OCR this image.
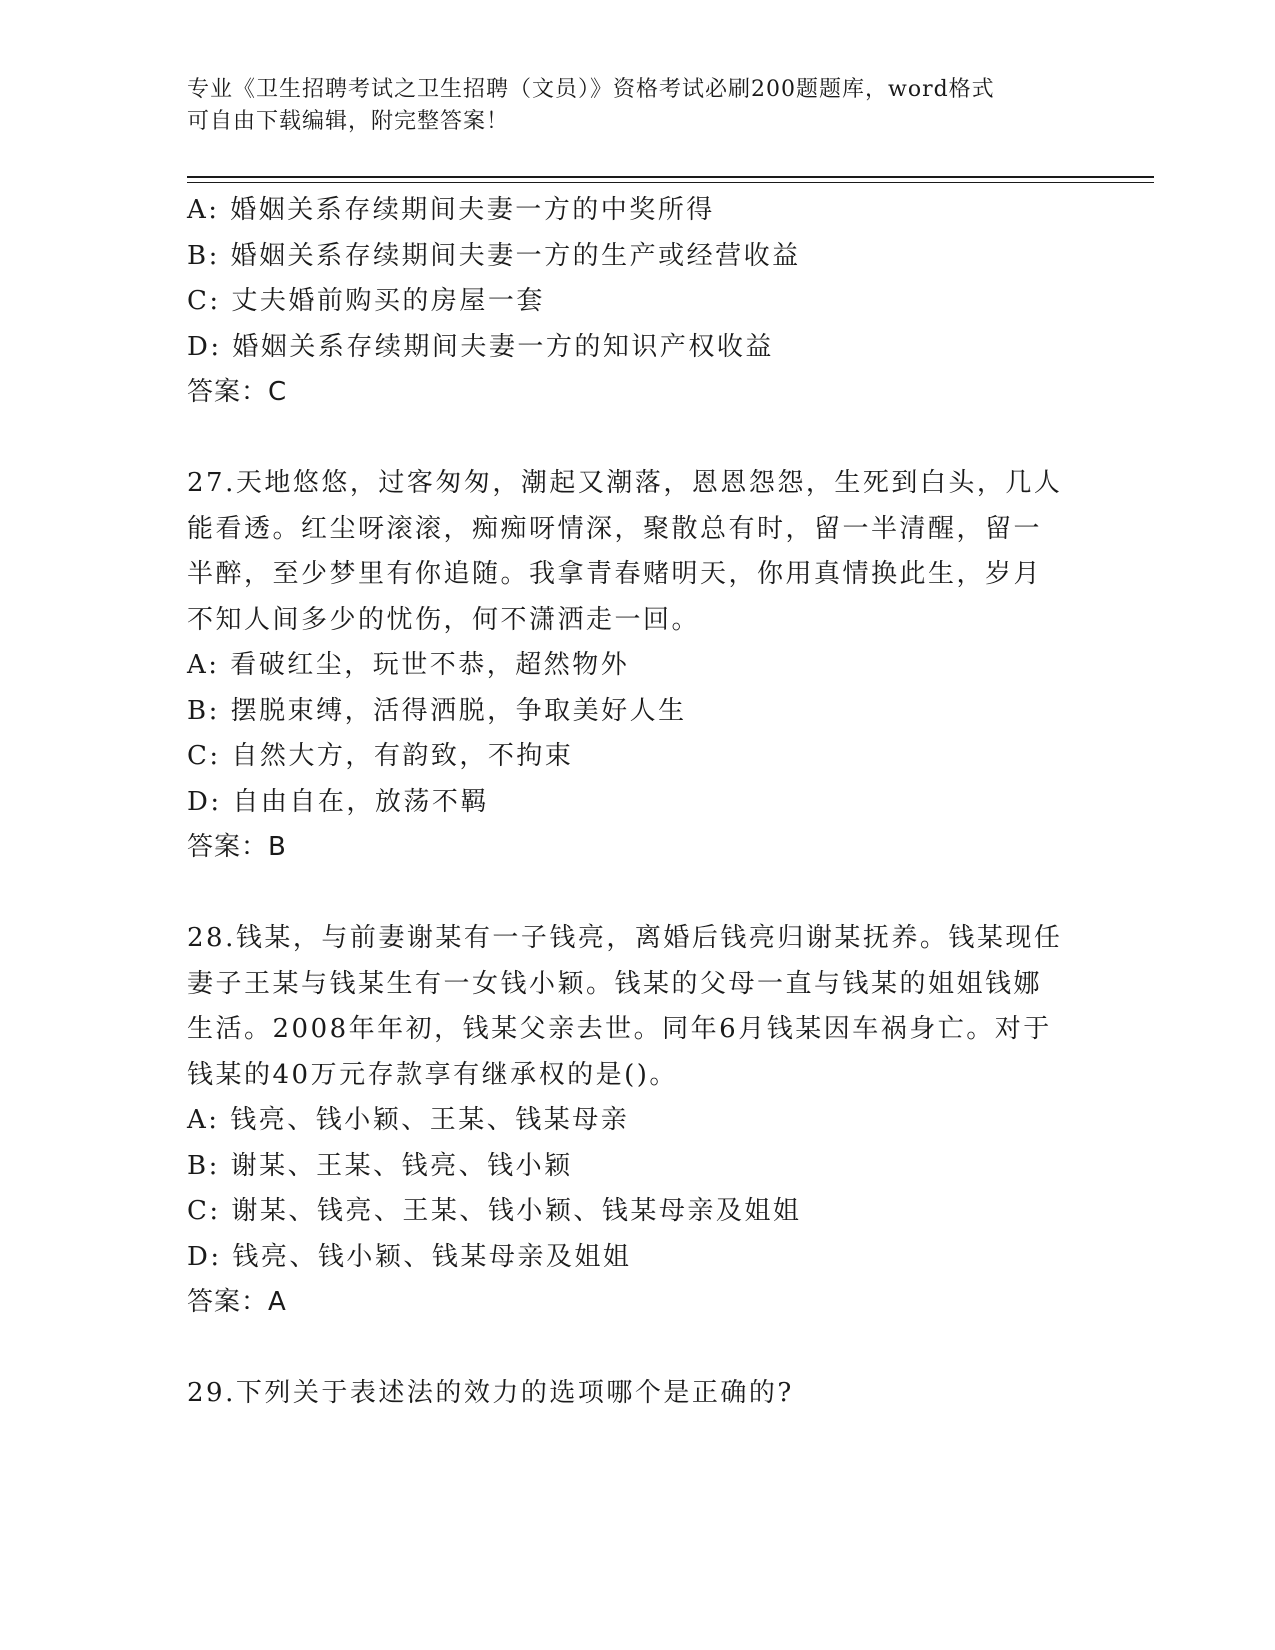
专业《卫生招聘考试之卫生招聘（文员）》资格考试必刷200题题库，word格式
可自由下载编辑，附完整答案！
A: 婚姻关系存续期间夫妻一方的中奖所得
B: 婚姻关系存续期间夫妻一方的生产或经营收益
C: 丈夫婚前购买的房屋一套
D: 婚姻关系存续期间夫妻一方的知识产权收益
答案：C
27.天地悠悠，过客匆匆，潮起又潮落，恩恩怨怨，生死到白头，几人
能看透。红尘呀滚滚，痴痴呀情深，聚散总有时，留一半清醒，留一
半醉，至少梦里有你追随。我拿青春赌明天，你用真情换此生，岁月
不知人间多少的忧伤，何不潇洒走一回。
A: 看破红尘，玩世不恭，超然物外
B: 摆脱束缚，活得洒脱，争取美好人生
C: 自然大方，有韵致，不拘束
D: 自由自在，放荡不羁
答案：B
28.钱某，与前妻谢某有一子钱亮，离婚后钱亮归谢某抚养。钱某现任
妻子王某与钱某生有一女钱小颖。钱某的父母一直与钱某的姐姐钱娜
生活。2008年年初，钱某父亲去世。同年6月钱某因车祸身亡。对于
钱某的40万元存款享有继承权的是()。
A: 钱亮、钱小颖、王某、钱某母亲
B: 谢某、王某、钱亮、钱小颖
C: 谢某、钱亮、王某、钱小颖、钱某母亲及姐姐
D: 钱亮、钱小颖、钱某母亲及姐姐
答案：A
29.下列关于表述法的效力的选项哪个是正确的?
